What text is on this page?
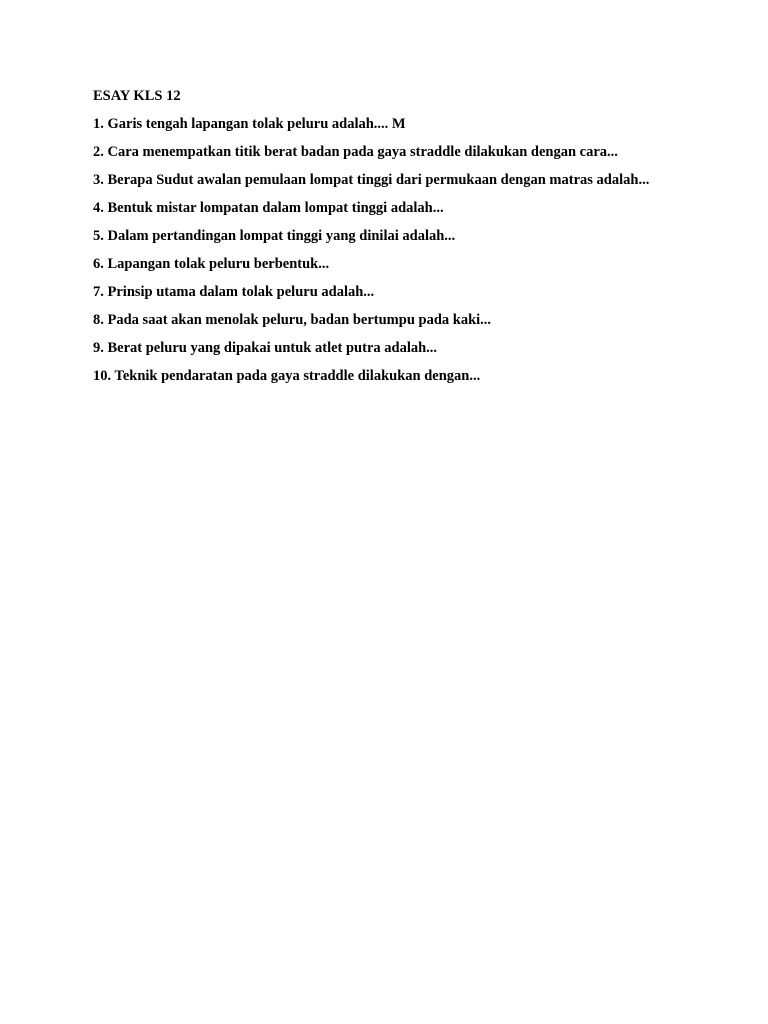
ESAY KLS 12
1. Garis tengah lapangan tolak peluru adalah.... M
2. Cara menempatkan titik berat badan pada gaya straddle dilakukan dengan cara...
3. Berapa Sudut awalan pemulaan lompat tinggi dari permukaan dengan matras adalah...
4. Bentuk mistar lompatan dalam lompat tinggi adalah...
5. Dalam pertandingan lompat tinggi yang dinilai adalah...
6. Lapangan tolak peluru berbentuk...
7. Prinsip utama dalam tolak peluru adalah...
8. Pada saat akan menolak peluru, badan bertumpu pada kaki...
9. Berat peluru yang dipakai untuk atlet putra adalah...
10. Teknik pendaratan pada gaya straddle dilakukan dengan...
